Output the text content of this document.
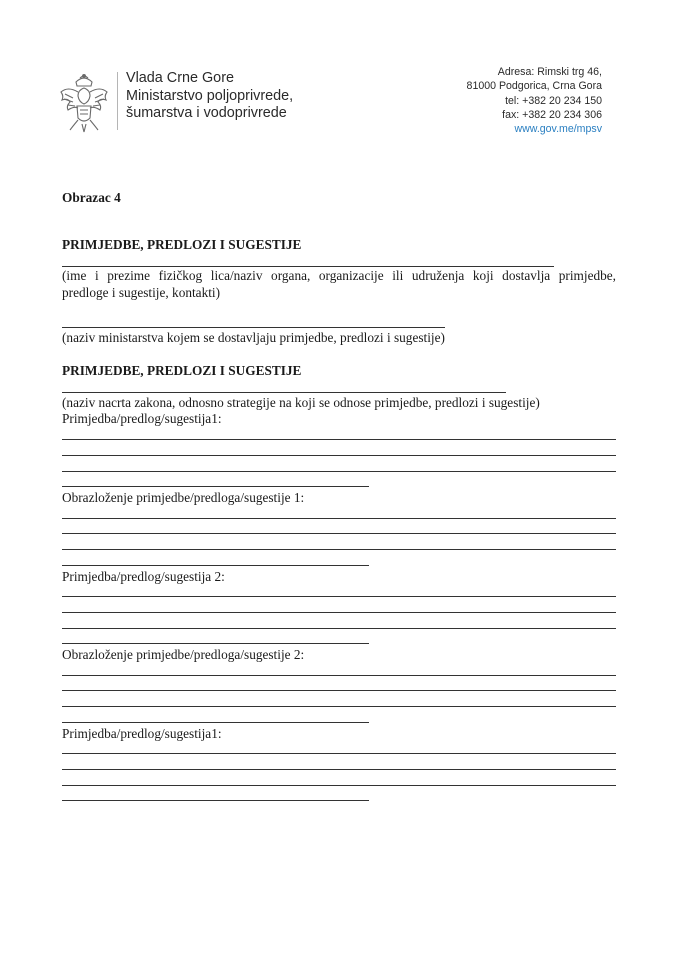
Vlada Crne Gore
Ministarstvo poljoprivrede,
šumarstva i vodoprivrede
Adresa: Rimski trg 46,
81000 Podgorica, Crna Gora
tel: +382 20 234 150
fax: +382 20 234 306
www.gov.me/mpsv
Obrazac 4
PRIMJEDBE, PREDLOZI I SUGESTIJE
(ime i prezime fizičkog lica/naziv organa, organizacije ili udruženja koji dostavlja primjedbe,
predloge i sugestije, kontakti)
(naziv ministarstva kojem se dostavljaju primjedbe, predlozi i sugestije)
PRIMJEDBE, PREDLOZI I SUGESTIJE
(naziv nacrta zakona, odnosno strategije na koji se odnose primjedbe, predlozi i sugestije)
Primjedba/predlog/sugestija1:
Obrazloženje primjedbe/predloga/sugestije 1:
Primjedba/predlog/sugestija 2:
Obrazloženje primjedbe/predloga/sugestije 2:
Primjedba/predlog/sugestija1:
